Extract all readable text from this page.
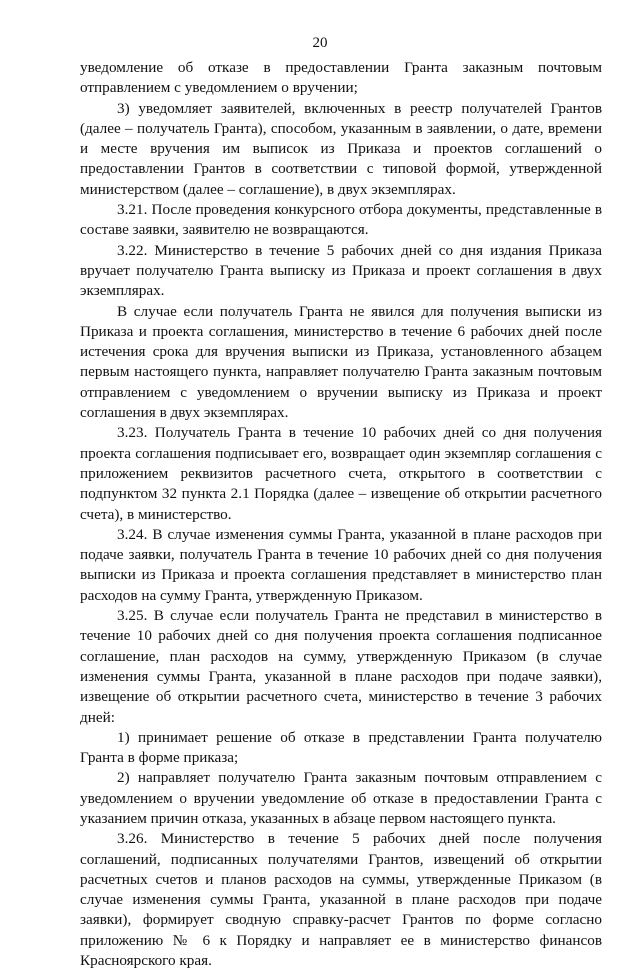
20

уведомление об отказе в предоставлении Гранта заказным почтовым отправлением с уведомлением о вручении;

3) уведомляет заявителей, включенных в реестр получателей Грантов (далее – получатель Гранта), способом, указанным в заявлении, о дате, времени и месте вручения им выписок из Приказа и проектов соглашений о предоставлении Грантов в соответствии с типовой формой, утвержденной министерством (далее – соглашение), в двух экземплярах.

3.21. После проведения конкурсного отбора документы, представленные в составе заявки, заявителю не возвращаются.

3.22. Министерство в течение 5 рабочих дней со дня издания Приказа вручает получателю Гранта выписку из Приказа и проект соглашения в двух экземплярах.

В случае если получатель Гранта не явился для получения выписки из Приказа и проекта соглашения, министерство в течение 6 рабочих дней после истечения срока для вручения выписки из Приказа, установленного абзацем первым настоящего пункта, направляет получателю Гранта заказным почтовым отправлением с уведомлением о вручении выписку из Приказа и проект соглашения в двух экземплярах.

3.23. Получатель Гранта в течение 10 рабочих дней со дня получения проекта соглашения подписывает его, возвращает один экземпляр соглашения с приложением реквизитов расчетного счета, открытого в соответствии с подпунктом 32 пункта 2.1 Порядка (далее – извещение об открытии расчетного счета), в министерство.

3.24. В случае изменения суммы Гранта, указанной в плане расходов при подаче заявки, получатель Гранта в течение 10 рабочих дней со дня получения выписки из Приказа и проекта соглашения представляет в министерство план расходов на сумму Гранта, утвержденную Приказом.

3.25. В случае если получатель Гранта не представил в министерство в течение 10 рабочих дней со дня получения проекта соглашения подписанное соглашение, план расходов на сумму, утвержденную Приказом (в случае изменения суммы Гранта, указанной в плане расходов при подаче заявки), извещение об открытии расчетного счета, министерство в течение 3 рабочих дней:

1) принимает решение об отказе в представлении Гранта получателю Гранта в форме приказа;

2) направляет получателю Гранта заказным почтовым отправлением с уведомлением о вручении уведомление об отказе в предоставлении Гранта с указанием причин отказа, указанных в абзаце первом настоящего пункта.

3.26. Министерство в течение 5 рабочих дней после получения соглашений, подписанных получателями Грантов, извещений об открытии расчетных счетов и планов расходов на суммы, утвержденные Приказом (в случае изменения суммы Гранта, указанной в плане расходов при подаче заявки), формирует сводную справку-расчет Грантов по форме согласно приложению № 6 к Порядку и направляет ее в министерство финансов Красноярского края.
